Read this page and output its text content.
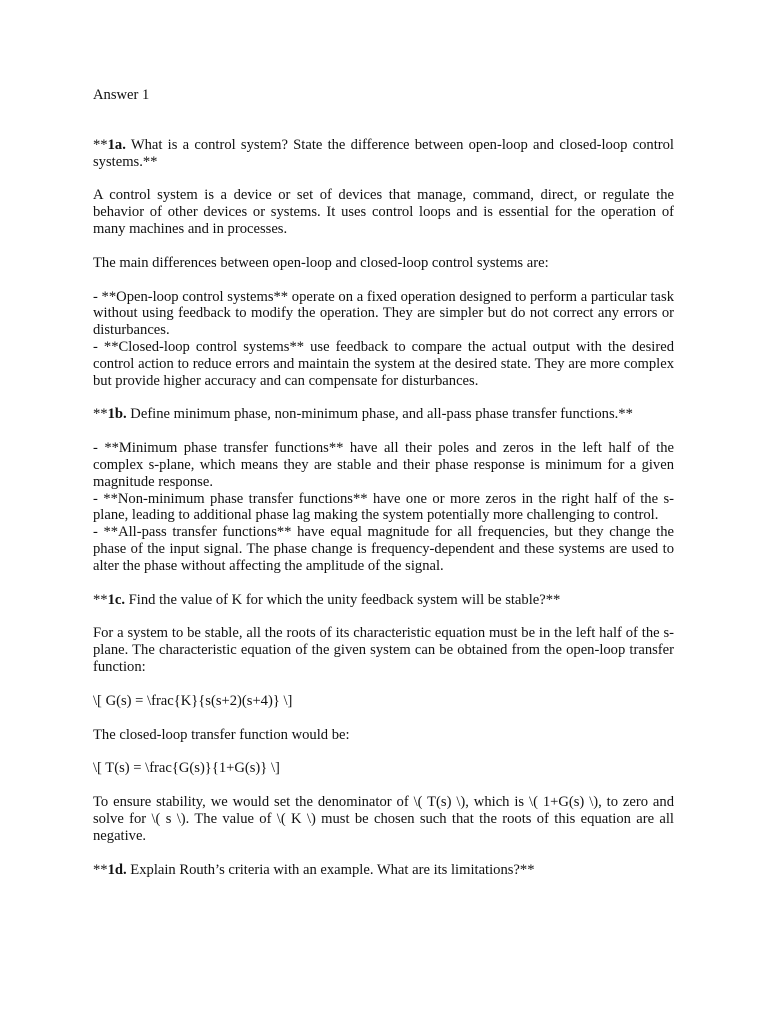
Answer 1

**1a. What is a control system? State the difference between open-loop and closed-loop control systems.**

A control system is a device or set of devices that manage, command, direct, or regulate the behavior of other devices or systems. It uses control loops and is essential for the operation of many machines and in processes.

The main differences between open-loop and closed-loop control systems are:

- **Open-loop control systems** operate on a fixed operation designed to perform a particular task without using feedback to modify the operation. They are simpler but do not correct any errors or disturbances.

- **Closed-loop control systems** use feedback to compare the actual output with the desired control action to reduce errors and maintain the system at the desired state. They are more complex but provide higher accuracy and can compensate for disturbances.

**1b. Define minimum phase, non-minimum phase, and all-pass phase transfer functions.**

- **Minimum phase transfer functions** have all their poles and zeros in the left half of the complex s-plane, which means they are stable and their phase response is minimum for a given magnitude response.

- **Non-minimum phase transfer functions** have one or more zeros in the right half of the s-plane, leading to additional phase lag making the system potentially more challenging to control.

- **All-pass transfer functions** have equal magnitude for all frequencies, but they change the phase of the input signal. The phase change is frequency-dependent and these systems are used to alter the phase without affecting the amplitude of the signal.

**1c. Find the value of K for which the unity feedback system will be stable?**

For a system to be stable, all the roots of its characteristic equation must be in the left half of the s-plane. The characteristic equation of the given system can be obtained from the open-loop transfer function:

\[ G(s) = \frac{K}{s(s+2)(s+4)} \]

The closed-loop transfer function would be:

\[ T(s) = \frac{G(s)}{1+G(s)} \]

To ensure stability, we would set the denominator of \( T(s) \), which is \( 1+G(s) \), to zero and solve for \( s \). The value of \( K \) must be chosen such that the roots of this equation are all negative.

**1d. Explain Routh’s criteria with an example. What are its limitations?**
